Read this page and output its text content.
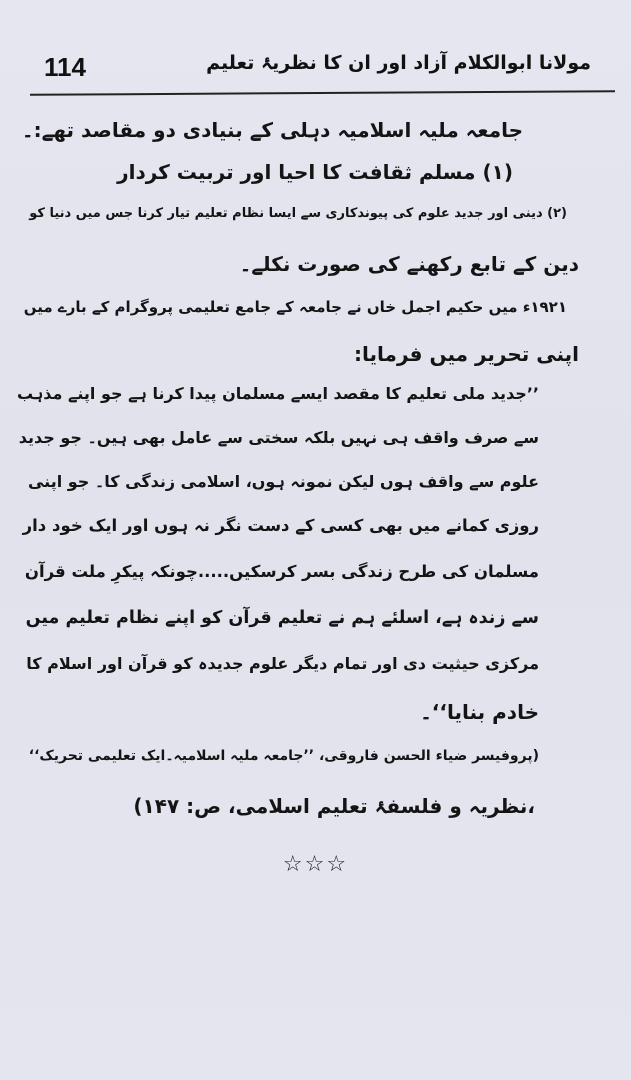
114	مولانا ابوالکلام آزاد اور ان کا نظریۂ تعلیم
جامعہ ملیہ اسلامیہ دہلی کے بنیادی دو مقاصد تھے:۔
(۱) مسلم ثقافت کا احیا اور تربیت کردار
(۲) دینی اور جدید علوم کی پیوندکاری سے ایسا نظام تعلیم تیار کرنا جس میں دنیا کو
دین کے تابع رکھنے کی صورت نکلے۔
۱۹۲۱ء میں حکیم اجمل خاں نے جامعہ کے جامع تعلیمی پروگرام کے بارے میں
اپنی تحریر میں فرمایا:
’’جدید ملی تعلیم کا مقصد ایسے مسلمان پیدا کرنا ہے جو اپنے مذہب
سے صرف واقف ہی نہیں بلکہ سختی سے عامل بھی ہیں۔ جو جدید
علوم سے واقف ہوں لیکن نمونہ ہوں، اسلامی زندگی کا۔ جو اپنی
روزی کمانے میں بھی کسی کے دست نگر نہ ہوں اور ایک خود دار
مسلمان کی طرح زندگی بسر کرسکیں.....چونکہ پیکرِ ملت قرآن
سے زندہ ہے، اسلئے ہم نے تعلیم قرآن کو اپنے نظام تعلیم میں
مرکزی حیثیت دی اور تمام دیگر علوم جدیدہ کو قرآن اور اسلام کا
خادم بنایا‘‘۔
(پروفیسر ضیاء الحسن فاروقی، ’’جامعہ ملیہ اسلامیہ۔ایک تعلیمی تحریک‘‘
،نظریہ و فلسفۂ تعلیم اسلامی، ص: ۱۴۷)
☆☆☆
